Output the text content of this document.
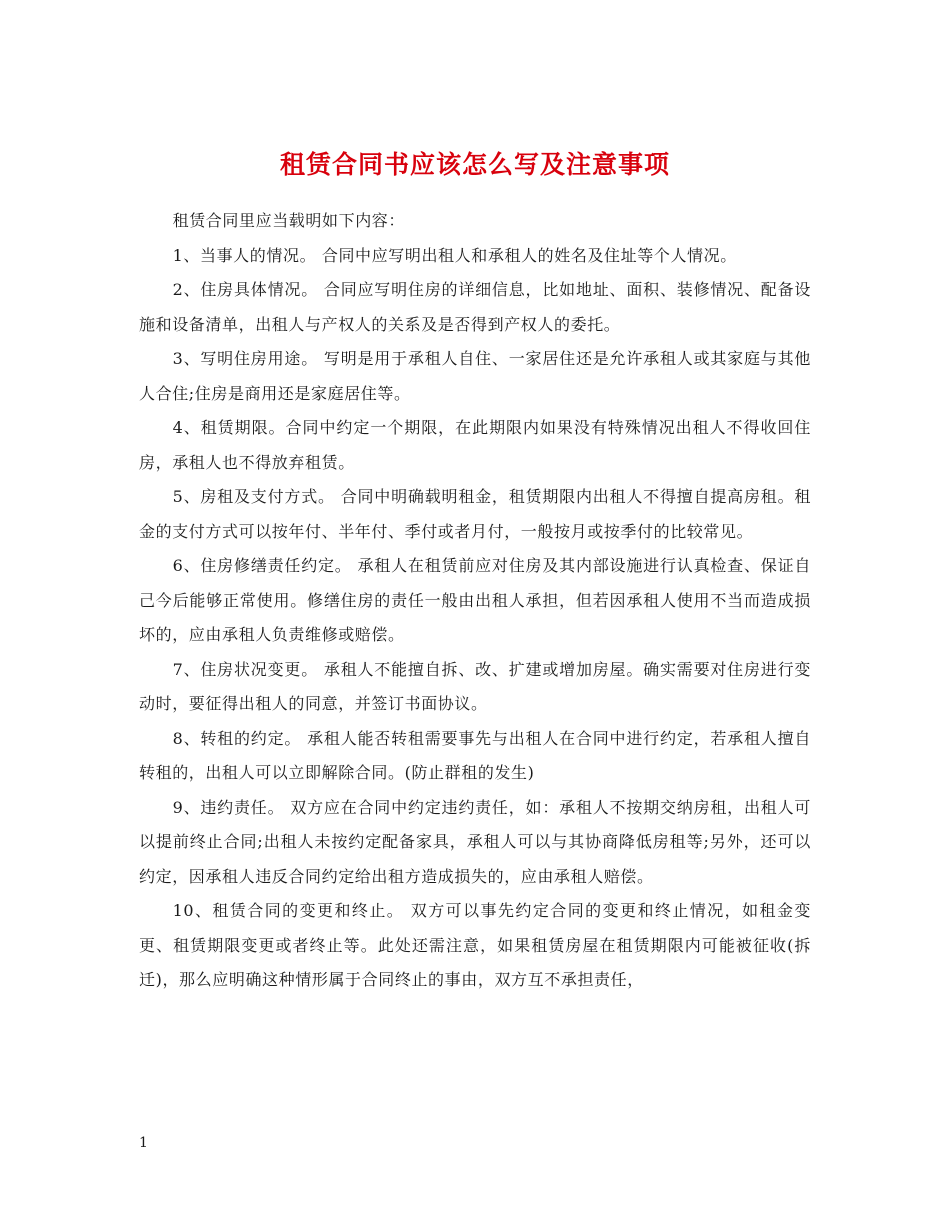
租赁合同书应该怎么写及注意事项

租赁合同里应当载明如下内容：

1、当事人的情况。 合同中应写明出租人和承租人的姓名及住址等个人情况。

2、住房具体情况。 合同应写明住房的详细信息，比如地址、面积、装修情况、配备设施和设备清单，出租人与产权人的关系及是否得到产权人的委托。

3、写明住房用途。 写明是用于承租人自住、一家居住还是允许承租人或其家庭与其他人合住;住房是商用还是家庭居住等。

4、租赁期限。合同中约定一个期限，在此期限内如果没有特殊情况出租人不得收回住房，承租人也不得放弃租赁。

5、房租及支付方式。 合同中明确载明租金，租赁期限内出租人不得擅自提高房租。租金的支付方式可以按年付、半年付、季付或者月付，一般按月或按季付的比较常见。

6、住房修缮责任约定。 承租人在租赁前应对住房及其内部设施进行认真检查、保证自己今后能够正常使用。修缮住房的责任一般由出租人承担，但若因承租人使用不当而造成损坏的，应由承租人负责维修或赔偿。

7、住房状况变更。 承租人不能擅自拆、改、扩建或增加房屋。确实需要对住房进行变动时，要征得出租人的同意，并签订书面协议。

8、转租的约定。 承租人能否转租需要事先与出租人在合同中进行约定，若承租人擅自转租的，出租人可以立即解除合同。(防止群租的发生)

9、违约责任。 双方应在合同中约定违约责任，如：承租人不按期交纳房租，出租人可以提前终止合同;出租人未按约定配备家具，承租人可以与其协商降低房租等;另外，还可以约定，因承租人违反合同约定给出租方造成损失的，应由承租人赔偿。

10、租赁合同的变更和终止。 双方可以事先约定合同的变更和终止情况，如租金变更、租赁期限变更或者终止等。此处还需注意，如果租赁房屋在租赁期限内可能被征收(拆迁)，那么应明确这种情形属于合同终止的事由，双方互不承担责任，

1
